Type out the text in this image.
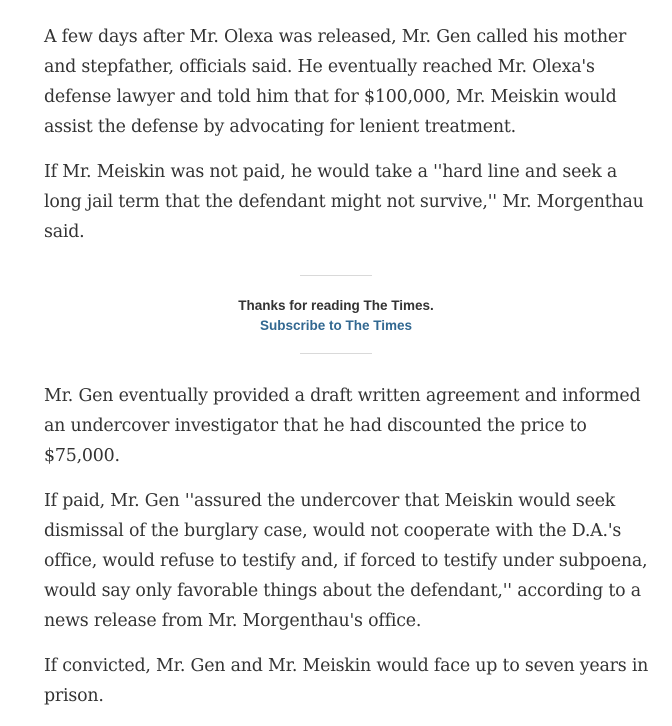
A few days after Mr. Olexa was released, Mr. Gen called his mother and stepfather, officials said. He eventually reached Mr. Olexa's defense lawyer and told him that for $100,000, Mr. Meiskin would assist the defense by advocating for lenient treatment.

If Mr. Meiskin was not paid, he would take a ''hard line and seek a long jail term that the defendant might not survive,'' Mr. Morgenthau said.

Thanks for reading The Times.

Subscribe to The Times

Mr. Gen eventually provided a draft written agreement and informed an undercover investigator that he had discounted the price to $75,000.

If paid, Mr. Gen ''assured the undercover that Meiskin would seek dismissal of the burglary case, would not cooperate with the D.A.'s office, would refuse to testify and, if forced to testify under subpoena, would say only favorable things about the defendant,'' according to a news release from Mr. Morgenthau's office.

If convicted, Mr. Gen and Mr. Meiskin would face up to seven years in prison.
